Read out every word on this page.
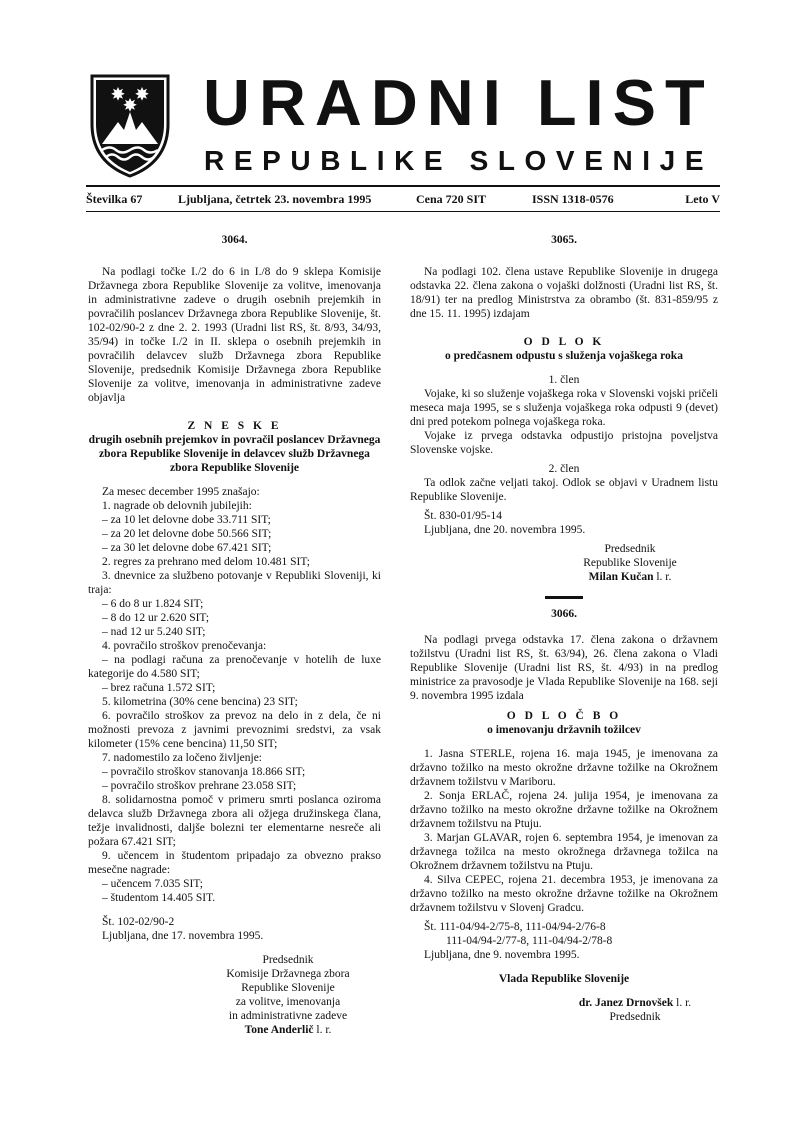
URADNI LIST
REPUBLIKE SLOVENIJE
Številka 67	Ljubljana, četrtek 23. novembra 1995	Cena 720 SIT	ISSN 1318-0576	Leto V

3064.

Na podlagi točke I./2 do 6 in I./8 do 9 sklepa Komisije Državnega zbora Republike Slovenije za volitve, imenovanja in administrativne zadeve o drugih osebnih prejemkih in povračilih poslancev Državnega zbora Republike Slovenije, št. 102-02/90-2 z dne 2. 2. 1993 (Uradni list RS, št. 8/93, 34/93, 35/94) in točke I./2 in II. sklepa o osebnih prejemkih in povračilih delavcev služb Državnega zbora Republike Slovenije, predsednik Komisije Državnega zbora Republike Slovenije za volitve, imenovanja in administrativne zadeve objavlja

Z N E S K E

drugih osebnih prejemkov in povračil poslancev Državnega zbora Republike Slovenije in delavcev služb Državnega zbora Republike Slovenije

Za mesec december 1995 znašajo:

1. nagrade ob delovnih jubilejih:

– za 10 let delovne dobe 33.711 SIT;

– za 20 let delovne dobe 50.566 SIT;

– za 30 let delovne dobe 67.421 SIT;

2. regres za prehrano med delom 10.481 SIT;

3. dnevnice za službeno potovanje v Republiki Sloveniji, ki traja:

– 6 do 8 ur 1.824 SIT;

– 8 do 12 ur 2.620 SIT;

– nad 12 ur 5.240 SIT;

4. povračilo stroškov prenočevanja:

– na podlagi računa za prenočevanje v hotelih de luxe kategorije do 4.580 SIT;

– brez računa 1.572 SIT;

5. kilometrina (30% cene bencina) 23 SIT;

6. povračilo stroškov za prevoz na delo in z dela, če ni možnosti prevoza z javnimi prevoznimi sredstvi, za vsak kilometer (15% cene bencina) 11,50 SIT;

7. nadomestilo za ločeno življenje:

– povračilo stroškov stanovanja 18.866 SIT;

– povračilo stroškov prehrane 23.058 SIT;

8. solidarnostna pomoč v primeru smrti poslanca oziroma delavca služb Državnega zbora ali ožjega družinskega člana, težje invalidnosti, daljše bolezni ter elementarne nesreče ali požara 67.421 SIT;

9. učencem in študentom pripadajo za obvezno prakso mesečne nagrade:

– učencem 7.035 SIT;

– študentom 14.405 SIT.

Št. 102-02/90-2

Ljubljana, dne 17. novembra 1995.

Predsednik

Komisije Državnega zbora

Republike Slovenije

za volitve, imenovanja

in administrativne zadeve

Tone Anderlič l. r.

3065.

Na podlagi 102. člena ustave Republike Slovenije in drugega odstavka 22. člena zakona o vojaški dolžnosti (Uradni list RS, št. 18/91) ter na predlog Ministrstva za obrambo (št. 831-859/95 z dne 15. 11. 1995) izdajam

O D L O K

o predčasnem odpustu s služenja vojaškega roka

1. člen

Vojake, ki so služenje vojaškega roka v Slovenski vojski pričeli meseca maja 1995, se s služenja vojaškega roka odpusti 9 (devet) dni pred potekom polnega vojaškega roka.

Vojake iz prvega odstavka odpustijo pristojna poveljstva Slovenske vojske.

2. člen

Ta odlok začne veljati takoj. Odlok se objavi v Uradnem listu Republike Slovenije.

Št. 830-01/95-14

Ljubljana, dne 20. novembra 1995.

Predsednik

Republike Slovenije

Milan Kučan l. r.

3066.

Na podlagi prvega odstavka 17. člena zakona o državnem tožilstvu (Uradni list RS, št. 63/94), 26. člena zakona o Vladi Republike Slovenije (Uradni list RS, št. 4/93) in na predlog ministrice za pravosodje je Vlada Republike Slovenije na 168. seji 9. novembra 1995 izdala

O D L O Č B O

o imenovanju državnih tožilcev

1. Jasna STERLE, rojena 16. maja 1945, je imenovana za državno tožilko na mesto okrožne državne tožilke na Okrožnem državnem tožilstvu v Mariboru.

2. Sonja ERLAČ, rojena 24. julija 1954, je imenovana za državno tožilko na mesto okrožne državne tožilke na Okrožnem državnem tožilstvu na Ptuju.

3. Marjan GLAVAR, rojen 6. septembra 1954, je imenovan za državnega tožilca na mesto okrožnega državnega tožilca na Okrožnem državnem tožilstvu na Ptuju.

4. Silva CEPEC, rojena 21. decembra 1953, je imenovana za državno tožilko na mesto okrožne državne tožilke na Okrožnem državnem tožilstvu v Slovenj Gradcu.

Št. 111-04/94-2/75-8, 111-04/94-2/76-8

111-04/94-2/77-8, 111-04/94-2/78-8

Ljubljana, dne 9. novembra 1995.

Vlada Republike Slovenije

dr. Janez Drnovšek l. r.

Predsednik
